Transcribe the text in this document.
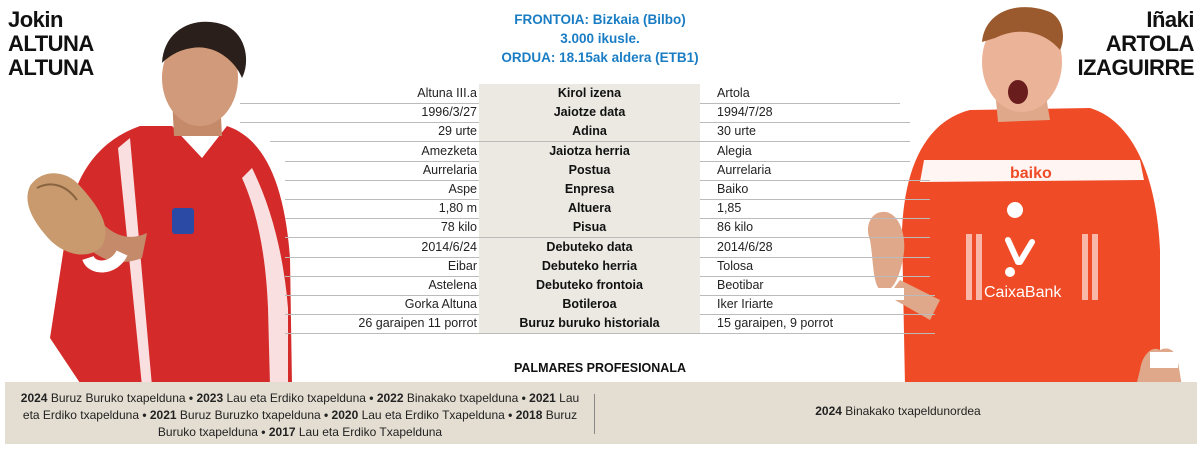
Jokin
ALTUNA
ALTUNA
Iñaki
ARTOLA
IZAGUIRRE
FRONTOIA: Bizkaia (Bilbo)
3.000 ikusle.
ORDUA: 18.15ak aldera (ETB1)
baiko
CaixaBank
Altuna III.a	Kirol izena	Artola
1996/3/27	Jaiotze data	1994/7/28
29 urte	Adina	30 urte
Amezketa	Jaiotza herria	Alegia
Aurrelaria	Postua	Aurrelaria
Aspe	Enpresa	Baiko
1,80 m	Altuera	1,85
78 kilo	Pisua	86 kilo
2014/6/24	Debuteko data	2014/6/28
Eibar	Debuteko herria	Tolosa
Astelena	Debuteko frontoia	Beotibar
Gorka Altuna	Botileroa	Iker Iriarte
26 garaipen 11 porrot	Buruz buruko historiala	15 garaipen, 9 porrot
PALMARES PROFESIONALA
2024 Buruz Buruko txapelduna • 2023 Lau eta Erdiko txapelduna • 2022 Binakako txapelduna • 2021 Lau eta Erdiko txapelduna • 2021 Buruz Buruzko txapelduna • 2020 Lau eta Erdiko Txapelduna • 2018 Buruz Buruko txapelduna • 2017 Lau eta Erdiko Txapelduna
2024 Binakako txapeldunordea
